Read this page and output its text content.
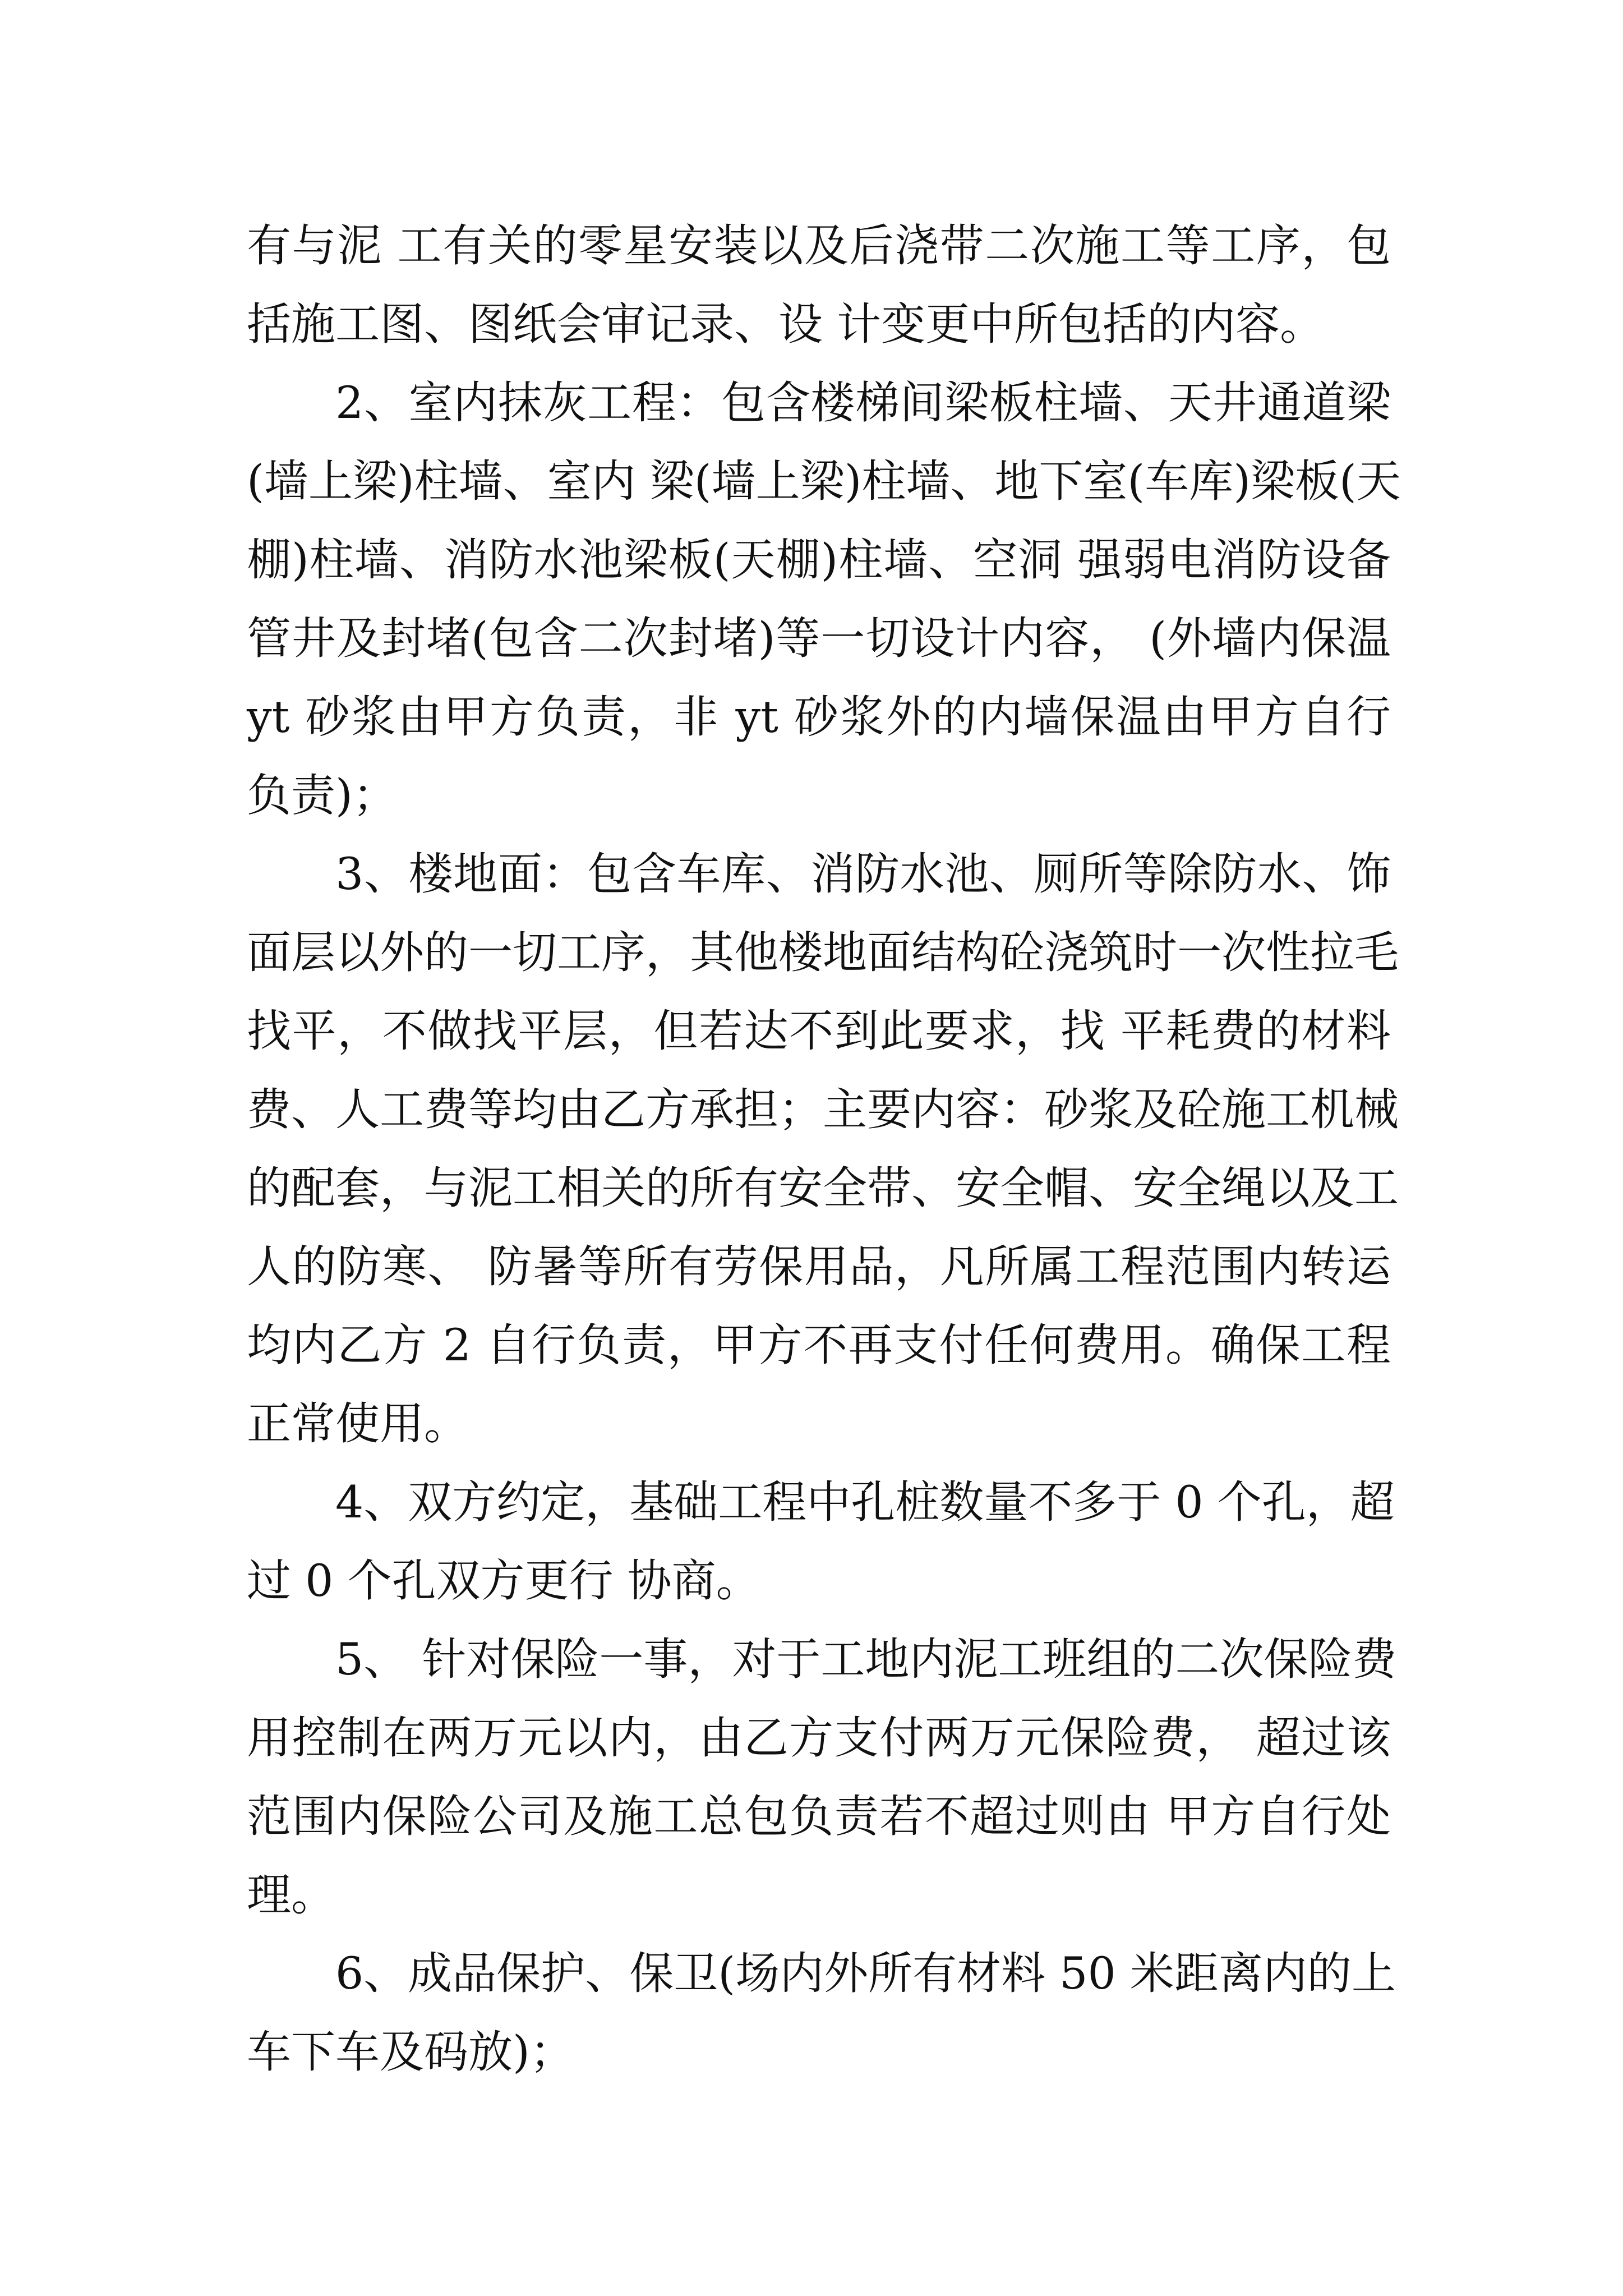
有与泥 工有关的零星安装以及后浇带二次施工等工序，包
括施工图、图纸会审记录、设 计变更中所包括的内容。
2、室内抹灰工程：包含楼梯间梁板柱墙、天井通道梁
(墙上梁)柱墙、室内 梁(墙上梁)柱墙、地下室(车库)梁板(天
棚)柱墙、消防水池梁板(天棚)柱墙、空洞 强弱电消防设备
管井及封堵(包含二次封堵)等一切设计内容， (外墙内保温
yt 砂浆由甲方负责，非 yt 砂浆外的内墙保温由甲方自行
负责)；
3、楼地面：包含车库、消防水池、厕所等除防水、饰
面层以外的一切工序，其他楼地面结构砼浇筑时一次性拉毛
找平，不做找平层，但若达不到此要求，找 平耗费的材料
费、人工费等均由乙方承担；主要内容：砂浆及砼施工机械
的配套，与泥工相关的所有安全带、安全帽、安全绳以及工
人的防寒、 防暑等所有劳保用品，凡所属工程范围内转运
均内乙方 2 自行负责，甲方不再支付任何费用。确保工程
正常使用。
4、双方约定，基础工程中孔桩数量不多于 0 个孔，超
过 0 个孔双方更行 协商。
5、 针对保险一事，对于工地内泥工班组的二次保险费
用控制在两万元以内，由乙方支付两万元保险费， 超过该
范围内保险公司及施工总包负责若不超过则由 甲方自行处
理。
6、成品保护、保卫(场内外所有材料 50 米距离内的上
车下车及码放)；
